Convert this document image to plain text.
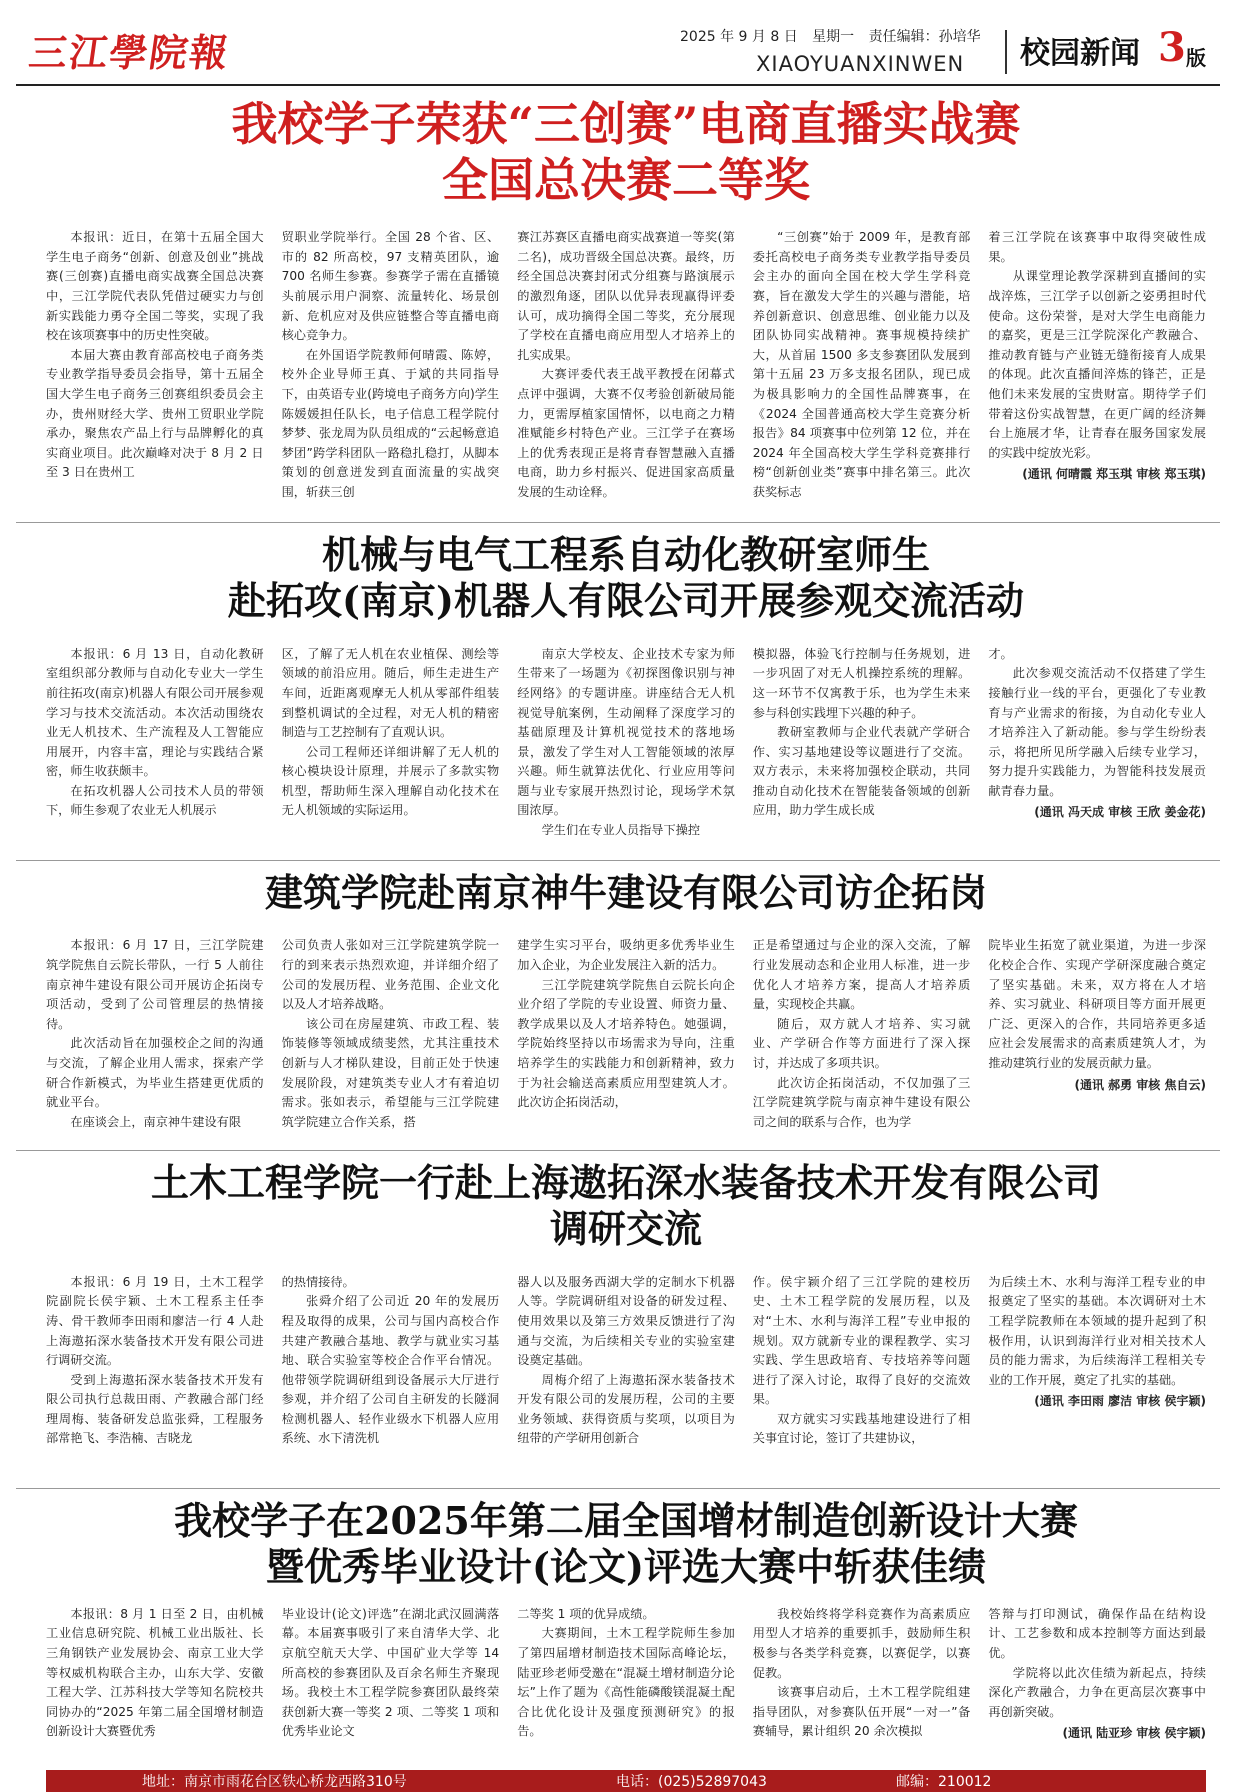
三江學院報	2025 年 9 月 8 日 星期一 责任编辑：孙培华
XIAOYUANXINWEN 校园新闻 3 版
我校学子荣获“三创赛”电商直播实战赛
全国总决赛二等奖

本报讯：近日，在第十五届全国大学生电子商务“创新、创意及创业”挑战赛(三创赛)直播电商实战赛全国总决赛中，三江学院代表队凭借过硬实力与创新实践能力勇夺全国二等奖，实现了我校在该项赛事中的历史性突破。

本届大赛由教育部高校电子商务类专业教学指导委员会指导，第十五届全国大学生电子商务三创赛组织委员会主办，贵州财经大学、贵州工贸职业学院承办，聚焦农产品上行与品牌孵化的真实商业项目。此次巅峰对决于 8 月 2 日至 3 日在贵州工

贸职业学院举行。全国 28 个省、区、市的 82 所高校，97 支精英团队，逾 700 名师生参赛。参赛学子需在直播镜头前展示用户洞察、流量转化、场景创新、危机应对及供应链整合等直播电商核心竞争力。

在外国语学院教师何晴霞、陈婷，校外企业导师王真、于斌的共同指导下，由英语专业(跨境电子商务方向)学生陈媛媛担任队长，电子信息工程学院付梦梦、张龙周为队员组成的“云起畅意追梦团”跨学科团队一路稳扎稳打，从脚本策划的创意迸发到直面流量的实战突围，斩获三创

赛江苏赛区直播电商实战赛道一等奖(第二名)，成功晋级全国总决赛。最终，历经全国总决赛封闭式分组赛与路演展示的激烈角逐，团队以优异表现赢得评委认可，成功摘得全国二等奖，充分展现了学校在直播电商应用型人才培养上的扎实成果。

大赛评委代表王战平教授在闭幕式点评中强调，大赛不仅考验创新破局能力，更需厚植家国情怀，以电商之力精准赋能乡村特色产业。三江学子在赛场上的优秀表现正是将青春智慧融入直播电商，助力乡村振兴、促进国家高质量发展的生动诠释。

“三创赛”始于 2009 年，是教育部委托高校电子商务类专业教学指导委员会主办的面向全国在校大学生学科竞赛，旨在激发大学生的兴趣与潜能，培养创新意识、创意思维、创业能力以及团队协同实战精神。赛事规模持续扩大，从首届 1500 多支参赛团队发展到第十五届 23 万多支报名团队，现已成为极具影响力的全国性品牌赛事，在《2024 全国普通高校大学生竞赛分析报告》84 项赛事中位列第 12 位，并在 2024 年全国高校大学生学科竞赛排行榜“创新创业类”赛事中排名第三。此次获奖标志

着三江学院在该赛事中取得突破性成果。

从课堂理论教学深耕到直播间的实战淬炼，三江学子以创新之姿勇担时代使命。这份荣誉，是对大学生电商能力的嘉奖，更是三江学院深化产教融合、推动教育链与产业链无缝衔接育人成果的体现。此次直播间淬炼的锋芒，正是他们未来发展的宝贵财富。期待学子们带着这份实战智慧，在更广阔的经济舞台上施展才华，让青春在服务国家发展的实践中绽放光彩。

(通讯 何晴霞 郑玉琪 审核 郑玉琪)
机械与电气工程系自动化教研室师生
赴拓攻(南京)机器人有限公司开展参观交流活动

本报讯：6 月 13 日，自动化教研室组织部分教师与自动化专业大一学生前往拓攻(南京)机器人有限公司开展参观学习与技术交流活动。本次活动围绕农业无人机技术、生产流程及人工智能应用展开，内容丰富，理论与实践结合紧密，师生收获颇丰。

在拓攻机器人公司技术人员的带领下，师生参观了农业无人机展示

区，了解了无人机在农业植保、测绘等领域的前沿应用。随后，师生走进生产车间，近距离观摩无人机从零部件组装到整机调试的全过程，对无人机的精密制造与工艺控制有了直观认识。

公司工程师还详细讲解了无人机的核心模块设计原理，并展示了多款实物机型，帮助师生深入理解自动化技术在无人机领域的实际运用。

南京大学校友、企业技术专家为师生带来了一场题为《初探图像识别与神经网络》的专题讲座。讲座结合无人机视觉导航案例，生动阐释了深度学习的基础原理及计算机视觉技术的落地场景，激发了学生对人工智能领域的浓厚兴趣。师生就算法优化、行业应用等问题与业专家展开热烈讨论，现场学术氛围浓厚。

学生们在专业人员指导下操控

模拟器，体验飞行控制与任务规划，进一步巩固了对无人机操控系统的理解。这一环节不仅寓教于乐，也为学生未来参与科创实践埋下兴趣的种子。

教研室教师与企业代表就产学研合作、实习基地建设等议题进行了交流。双方表示，未来将加强校企联动，共同推动自动化技术在智能装备领域的创新应用，助力学生成长成

才。

此次参观交流活动不仅搭建了学生接触行业一线的平台，更强化了专业教育与产业需求的衔接，为自动化专业人才培养注入了新动能。参与学生纷纷表示，将把所见所学融入后续专业学习，努力提升实践能力，为智能科技发展贡献青春力量。

(通讯 冯天成 审核 王欣 姜金花)
建筑学院赴南京神牛建设有限公司访企拓岗

本报讯：6 月 17 日，三江学院建筑学院焦自云院长带队，一行 5 人前往南京神牛建设有限公司开展访企拓岗专项活动，受到了公司管理层的热情接待。

此次活动旨在加强校企之间的沟通与交流，了解企业用人需求，探索产学研合作新模式，为毕业生搭建更优质的就业平台。

在座谈会上，南京神牛建设有限

公司负责人张如对三江学院建筑学院一行的到来表示热烈欢迎，并详细介绍了公司的发展历程、业务范围、企业文化以及人才培养战略。

该公司在房屋建筑、市政工程、装饰装修等领域成绩斐然，尤其注重技术创新与人才梯队建设，目前正处于快速发展阶段，对建筑类专业人才有着迫切需求。张如表示，希望能与三江学院建筑学院建立合作关系，搭

建学生实习平台，吸纳更多优秀毕业生加入企业，为企业发展注入新的活力。

三江学院建筑学院焦自云院长向企业介绍了学院的专业设置、师资力量、教学成果以及人才培养特色。她强调，学院始终坚持以市场需求为导向，注重培养学生的实践能力和创新精神，致力于为社会输送高素质应用型建筑人才。此次访企拓岗活动，

正是希望通过与企业的深入交流，了解行业发展动态和企业用人标准，进一步优化人才培养方案，提高人才培养质量，实现校企共赢。

随后，双方就人才培养、实习就业、产学研合作等方面进行了深入探讨，并达成了多项共识。

此次访企拓岗活动，不仅加强了三江学院建筑学院与南京神牛建设有限公司之间的联系与合作，也为学

院毕业生拓宽了就业渠道，为进一步深化校企合作、实现产学研深度融合奠定了坚实基础。未来，双方将在人才培养、实习就业、科研项目等方面开展更广泛、更深入的合作，共同培养更多适应社会发展需求的高素质建筑人才，为推动建筑行业的发展贡献力量。

(通讯 郝勇 审核 焦自云)
土木工程学院一行赴上海遨拓深水装备技术开发有限公司
调研交流

本报讯：6 月 19 日，土木工程学院副院长侯宇颖、土木工程系主任李涛、骨干教师李田雨和廖洁一行 4 人赴上海遨拓深水装备技术开发有限公司进行调研交流。

受到上海遨拓深水装备技术开发有限公司执行总裁田雨、产教融合部门经理周梅、装备研发总监张舜，工程服务部常艳飞、李浩楠、吉晓龙

的热情接待。

张舜介绍了公司近 20 年的发展历程及取得的成果，公司与国内高校合作共建产教融合基地、教学与就业实习基地、联合实验室等校企合作平台情况。他带领学院调研组到设备展示大厅进行参观，并介绍了公司自主研发的长隧洞检测机器人、轻作业级水下机器人应用系统、水下清洗机

器人以及服务西湖大学的定制水下机器人等。学院调研组对设备的研发过程、使用效果以及第三方效果反馈进行了沟通与交流，为后续相关专业的实验室建设奠定基础。

周梅介绍了上海遨拓深水装备技术开发有限公司的发展历程，公司的主要业务领域、获得资质与奖项，以项目为纽带的产学研用创新合

作。侯宇颖介绍了三江学院的建校历史、土木工程学院的发展历程，以及对“土木、水利与海洋工程”专业申报的规划。双方就新专业的课程教学、实习实践、学生思政培育、专技培养等问题进行了深入讨论，取得了良好的交流效果。

双方就实习实践基地建设进行了相关事宜讨论，签订了共建协议，

为后续土木、水利与海洋工程专业的申报奠定了坚实的基础。本次调研对土木工程学院教师在本领域的提升起到了积极作用，认识到海洋行业对相关技术人员的能力需求，为后续海洋工程相关专业的工作开展，奠定了扎实的基础。

(通讯 李田雨 廖洁 审核 侯宇颖)
我校学子在2025年第二届全国增材制造创新设计大赛
暨优秀毕业设计(论文)评选大赛中斩获佳绩

本报讯：8 月 1 日至 2 日，由机械工业信息研究院、机械工业出版社、长三角钢铁产业发展协会、南京工业大学等权威机构联合主办，山东大学、安徽工程大学、江苏科技大学等知名院校共同协办的“2025 年第二届全国增材制造创新设计大赛暨优秀

毕业设计(论文)评选”在湖北武汉圆满落幕。本届赛事吸引了来自清华大学、北京航空航天大学、中国矿业大学等 14 所高校的参赛团队及百余名师生齐聚现场。我校土木工程学院参赛团队最终荣获创新大赛一等奖 2 项、二等奖 1 项和优秀毕业论文

二等奖 1 项的优异成绩。

大赛期间，土木工程学院师生参加了第四届增材制造技术国际高峰论坛，陆亚珍老师受邀在“混凝土增材制造分论坛”上作了题为《高性能磷酸镁混凝土配合比优化设计及强度预测研究》的报告。

我校始终将学科竞赛作为高素质应用型人才培养的重要抓手，鼓励师生积极参与各类学科竞赛，以赛促学，以赛促教。

该赛事启动后，土木工程学院组建指导团队，对参赛队伍开展“一对一”备赛辅导，累计组织 20 余次模拟

答辩与打印测试，确保作品在结构设计、工艺参数和成本控制等方面达到最优。

学院将以此次佳绩为新起点，持续深化产教融合，力争在更高层次赛事中再创新突破。

(通讯 陆亚珍 审核 侯宇颖)
地址：南京市雨花台区铁心桥龙西路310号	电话：(025)52897043	邮编：210012
